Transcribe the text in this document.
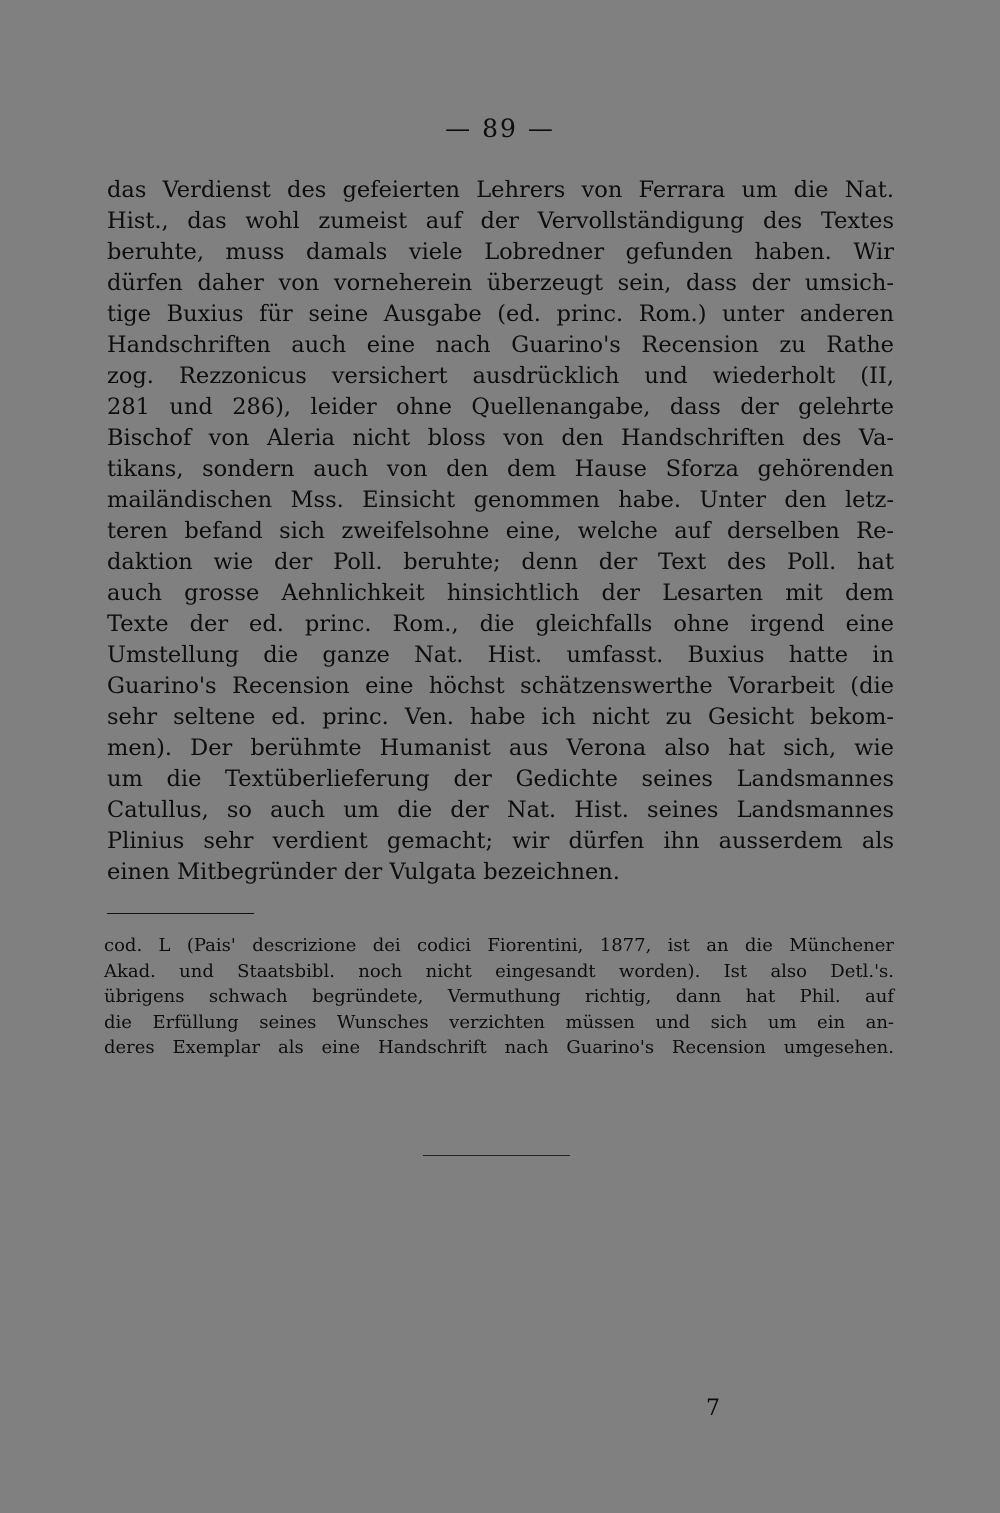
— 89 —
das Verdienst des gefeierten Lehrers von Ferrara um die Nat.
Hist., das wohl zumeist auf der Vervollständigung des Textes
beruhte, muss damals viele Lobredner gefunden haben. Wir
dürfen daher von vorneherein überzeugt sein, dass der umsich-
tige Buxius für seine Ausgabe (ed. princ. Rom.) unter anderen
Handschriften auch eine nach Guarino's Recension zu Rathe
zog. Rezzonicus versichert ausdrücklich und wiederholt (II,
281 und 286), leider ohne Quellenangabe, dass der gelehrte
Bischof von Aleria nicht bloss von den Handschriften des Va-
tikans, sondern auch von den dem Hause Sforza gehörenden
mailändischen Mss. Einsicht genommen habe. Unter den letz-
teren befand sich zweifelsohne eine, welche auf derselben Re-
daktion wie der Poll. beruhte; denn der Text des Poll. hat
auch grosse Aehnlichkeit hinsichtlich der Lesarten mit dem
Texte der ed. princ. Rom., die gleichfalls ohne irgend eine
Umstellung die ganze Nat. Hist. umfasst. Buxius hatte in
Guarino's Recension eine höchst schätzenswerthe Vorarbeit (die
sehr seltene ed. princ. Ven. habe ich nicht zu Gesicht bekom-
men). Der berühmte Humanist aus Verona also hat sich, wie
um die Textüberlieferung der Gedichte seines Landsmannes
Catullus, so auch um die der Nat. Hist. seines Landsmannes
Plinius sehr verdient gemacht; wir dürfen ihn ausserdem als
einen Mitbegründer der Vulgata bezeichnen.
cod. L (Pais' descrizione dei codici Fiorentini, 1877, ist an die Münchener
Akad. und Staatsbibl. noch nicht eingesandt worden). Ist also Detl.'s.
übrigens schwach begründete, Vermuthung richtig, dann hat Phil. auf
die Erfüllung seines Wunsches verzichten müssen und sich um ein an-
deres Exemplar als eine Handschrift nach Guarino's Recension umgesehen.
7
